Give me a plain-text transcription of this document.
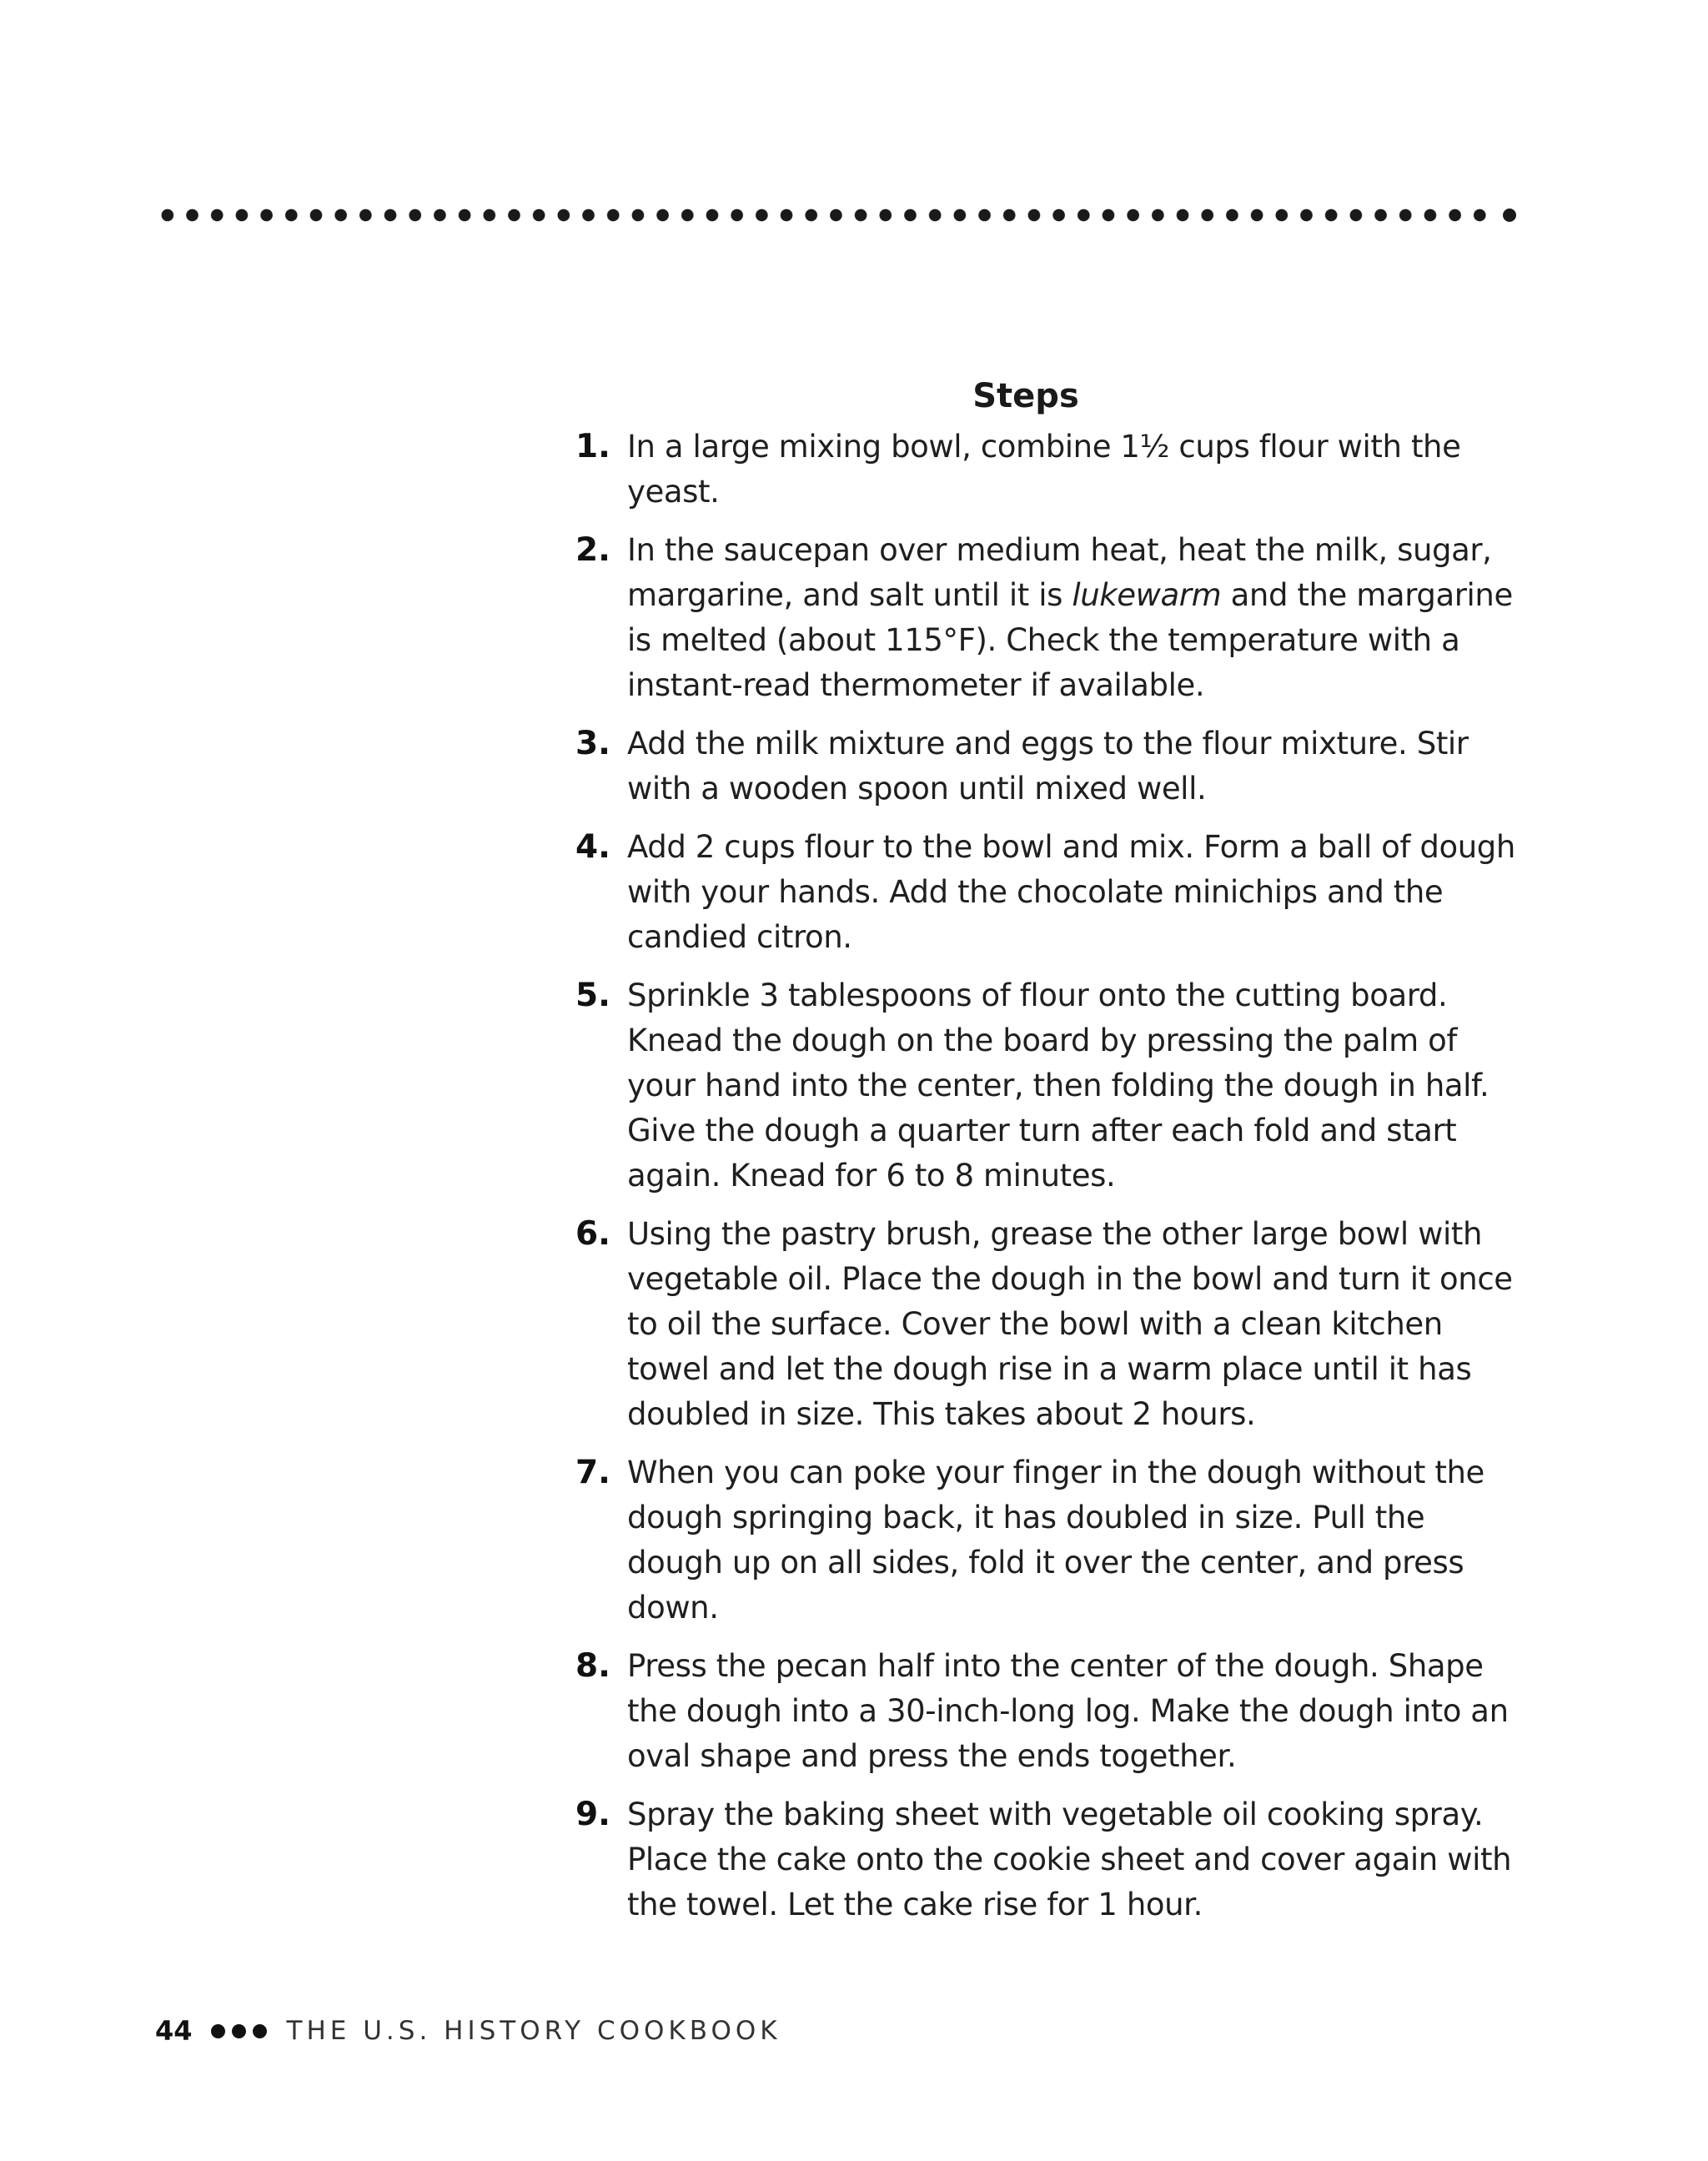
Steps
1. In a large mixing bowl, combine 1½ cups flour with the yeast.
2. In the saucepan over medium heat, heat the milk, sugar, margarine, and salt until it is lukewarm and the margarine is melted (about 115°F). Check the temperature with a instant-read thermometer if available.
3. Add the milk mixture and eggs to the flour mixture. Stir with a wooden spoon until mixed well.
4. Add 2 cups flour to the bowl and mix. Form a ball of dough with your hands. Add the chocolate minichips and the candied citron.
5. Sprinkle 3 tablespoons of flour onto the cutting board. Knead the dough on the board by pressing the palm of your hand into the center, then folding the dough in half. Give the dough a quarter turn after each fold and start again. Knead for 6 to 8 minutes.
6. Using the pastry brush, grease the other large bowl with vegetable oil. Place the dough in the bowl and turn it once to oil the surface. Cover the bowl with a clean kitchen towel and let the dough rise in a warm place until it has doubled in size. This takes about 2 hours.
7. When you can poke your finger in the dough without the dough springing back, it has doubled in size. Pull the dough up on all sides, fold it over the center, and press down.
8. Press the pecan half into the center of the dough. Shape the dough into a 30-inch-long log. Make the dough into an oval shape and press the ends together.
9. Spray the baking sheet with vegetable oil cooking spray. Place the cake onto the cookie sheet and cover again with the towel. Let the cake rise for 1 hour.
44	THE U.S. HISTORY COOKBOOK
